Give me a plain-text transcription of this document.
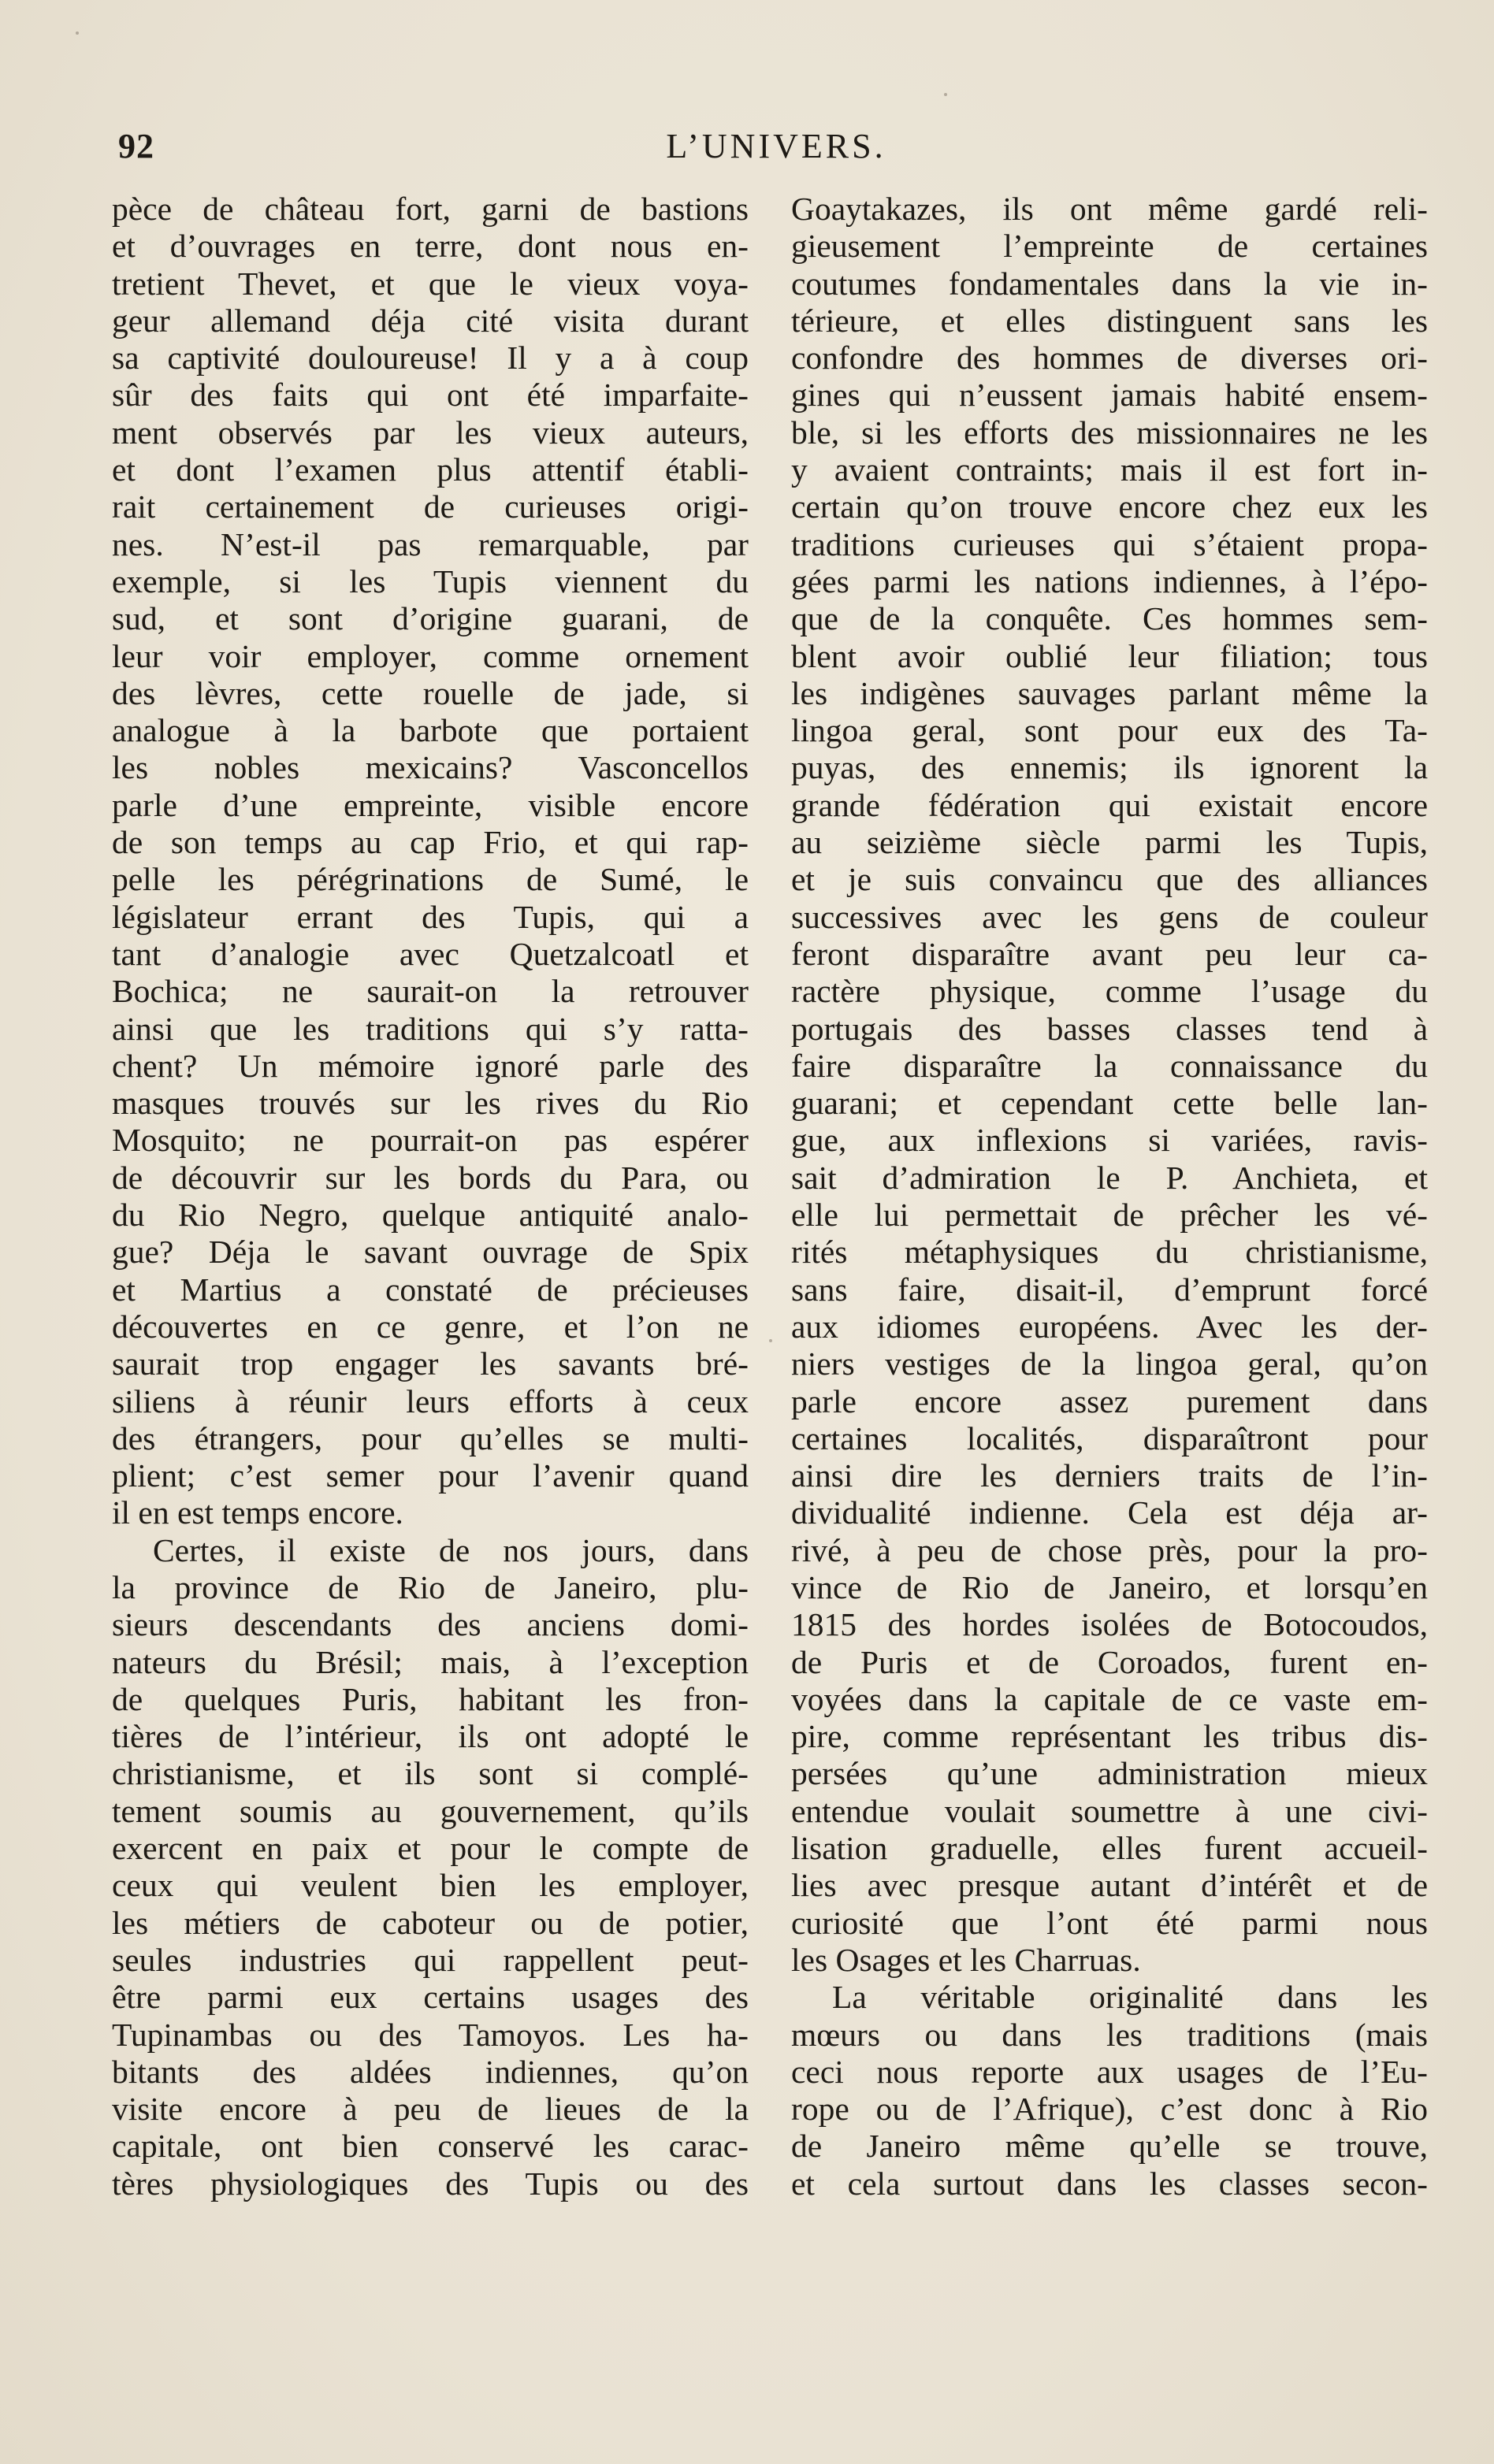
92	L’UNIVERS.
pèce de château fort, garni de bastions
et d’ouvrages en terre, dont nous en-
tretient Thevet, et que le vieux voya-
geur allemand déja cité visita durant
sa captivité douloureuse! Il y a à coup
sûr des faits qui ont été imparfaite-
ment observés par les vieux auteurs,
et dont l’examen plus attentif établi-
rait certainement de curieuses origi-
nes. N’est-il pas remarquable, par
exemple, si les Tupis viennent du
sud, et sont d’origine guarani, de
leur voir employer, comme ornement
des lèvres, cette rouelle de jade, si
analogue à la barbote que portaient
les nobles mexicains? Vasconcellos
parle d’une empreinte, visible encore
de son temps au cap Frio, et qui rap-
pelle les pérégrinations de Sumé, le
législateur errant des Tupis, qui a
tant d’analogie avec Quetzalcoatl et
Bochica; ne saurait-on la retrouver
ainsi que les traditions qui s’y ratta-
chent? Un mémoire ignoré parle des
masques trouvés sur les rives du Rio
Mosquito; ne pourrait-on pas espérer
de découvrir sur les bords du Para, ou
du Rio Negro, quelque antiquité analo-
gue? Déja le savant ouvrage de Spix
et Martius a constaté de précieuses
découvertes en ce genre, et l’on ne
saurait trop engager les savants bré-
siliens à réunir leurs efforts à ceux
des étrangers, pour qu’elles se multi-
plient; c’est semer pour l’avenir quand
il en est temps encore.
Certes, il existe de nos jours, dans
la province de Rio de Janeiro, plu-
sieurs descendants des anciens domi-
nateurs du Brésil; mais, à l’exception
de quelques Puris, habitant les fron-
tières de l’intérieur, ils ont adopté le
christianisme, et ils sont si complé-
tement soumis au gouvernement, qu’ils
exercent en paix et pour le compte de
ceux qui veulent bien les employer,
les métiers de caboteur ou de potier,
seules industries qui rappellent peut-
être parmi eux certains usages des
Tupinambas ou des Tamoyos. Les ha-
bitants des aldées indiennes, qu’on
visite encore à peu de lieues de la
capitale, ont bien conservé les carac-
tères physiologiques des Tupis ou des
Goaytakazes, ils ont même gardé reli-
gieusement l’empreinte de certaines
coutumes fondamentales dans la vie in-
térieure, et elles distinguent sans les
confondre des hommes de diverses ori-
gines qui n’eussent jamais habité ensem-
ble, si les efforts des missionnaires ne les
y avaient contraints; mais il est fort in-
certain qu’on trouve encore chez eux les
traditions curieuses qui s’étaient propa-
gées parmi les nations indiennes, à l’épo-
que de la conquête. Ces hommes sem-
blent avoir oublié leur filiation; tous
les indigènes sauvages parlant même la
lingoa geral, sont pour eux des Ta-
puyas, des ennemis; ils ignorent la
grande fédération qui existait encore
au seizième siècle parmi les Tupis,
et je suis convaincu que des alliances
successives avec les gens de couleur
feront disparaître avant peu leur ca-
ractère physique, comme l’usage du
portugais des basses classes tend à
faire disparaître la connaissance du
guarani; et cependant cette belle lan-
gue, aux inflexions si variées, ravis-
sait d’admiration le P. Anchieta, et
elle lui permettait de prêcher les vé-
rités métaphysiques du christianisme,
sans faire, disait-il, d’emprunt forcé
aux idiomes européens. Avec les der-
niers vestiges de la lingoa geral, qu’on
parle encore assez purement dans
certaines localités, disparaîtront pour
ainsi dire les derniers traits de l’in-
dividualité indienne. Cela est déja ar-
rivé, à peu de chose près, pour la pro-
vince de Rio de Janeiro, et lorsqu’en
1815 des hordes isolées de Botocoudos,
de Puris et de Coroados, furent en-
voyées dans la capitale de ce vaste em-
pire, comme représentant les tribus dis-
persées qu’une administration mieux
entendue voulait soumettre à une civi-
lisation graduelle, elles furent accueil-
lies avec presque autant d’intérêt et de
curiosité que l’ont été parmi nous
les Osages et les Charruas.
La véritable originalité dans les
mœurs ou dans les traditions (mais
ceci nous reporte aux usages de l’Eu-
rope ou de l’Afrique), c’est donc à Rio
de Janeiro même qu’elle se trouve,
et cela surtout dans les classes secon-
